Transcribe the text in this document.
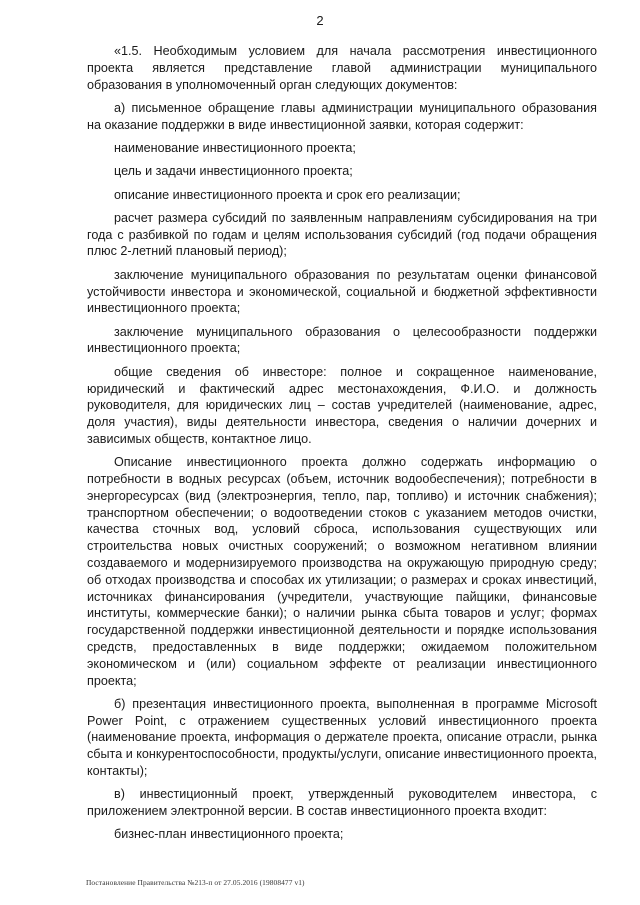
2

«1.5. Необходимым условием для начала рассмотрения инвестиционного проекта является представление главой администрации муниципального образования в уполномоченный орган следующих документов:

а) письменное обращение главы администрации муниципального образования на оказание поддержки в виде инвестиционной заявки, которая содержит:

наименование инвестиционного проекта;

цель и задачи инвестиционного проекта;

описание инвестиционного проекта и срок его реализации;

расчет размера субсидий по заявленным направлениям субсидирования на три года с разбивкой по годам и целям использования субсидий (год подачи обращения плюс 2-летний плановый период);

заключение муниципального образования по результатам оценки финансовой устойчивости инвестора и экономической, социальной и бюджетной эффективности инвестиционного проекта;

заключение муниципального образования о целесообразности поддержки инвестиционного проекта;

общие сведения об инвесторе: полное и сокращенное наименование, юридический и фактический адрес местонахождения, Ф.И.О. и должность руководителя, для юридических лиц – состав учредителей (наименование, адрес, доля участия), виды деятельности инвестора, сведения о наличии дочерних и зависимых обществ, контактное лицо.

Описание инвестиционного проекта должно содержать информацию о потребности в водных ресурсах (объем, источник водообеспечения); потребности в энергоресурсах (вид (электроэнергия, тепло, пар, топливо) и источник снабжения); транспортном обеспечении; о водоотведении стоков с указанием методов очистки, качества сточных вод, условий сброса, использования существующих или строительства новых очистных сооружений; о возможном негативном влиянии создаваемого и модернизируемого производства на окружающую природную среду; об отходах производства и способах их утилизации; о размерах и сроках инвестиций, источниках финансирования (учредители, участвующие пайщики, финансовые институты, коммерческие банки); о наличии рынка сбыта товаров и услуг; формах государственной поддержки инвестиционной деятельности и порядке использования средств, предоставленных в виде поддержки; ожидаемом положительном экономическом и (или) социальном эффекте от реализации инвестиционного проекта;

б) презентация инвестиционного проекта, выполненная в программе Microsoft Power Point, с отражением существенных условий инвестиционного проекта (наименование проекта, информация о держателе проекта, описание отрасли, рынка сбыта и конкурентоспособности, продукты/услуги, описание инвестиционного проекта, контакты);

в) инвестиционный проект, утвержденный руководителем инвестора, с приложением электронной версии. В состав инвестиционного проекта входит:

бизнес-план инвестиционного проекта;

Постановление Правительства №213-п от 27.05.2016 (19808477 v1)
